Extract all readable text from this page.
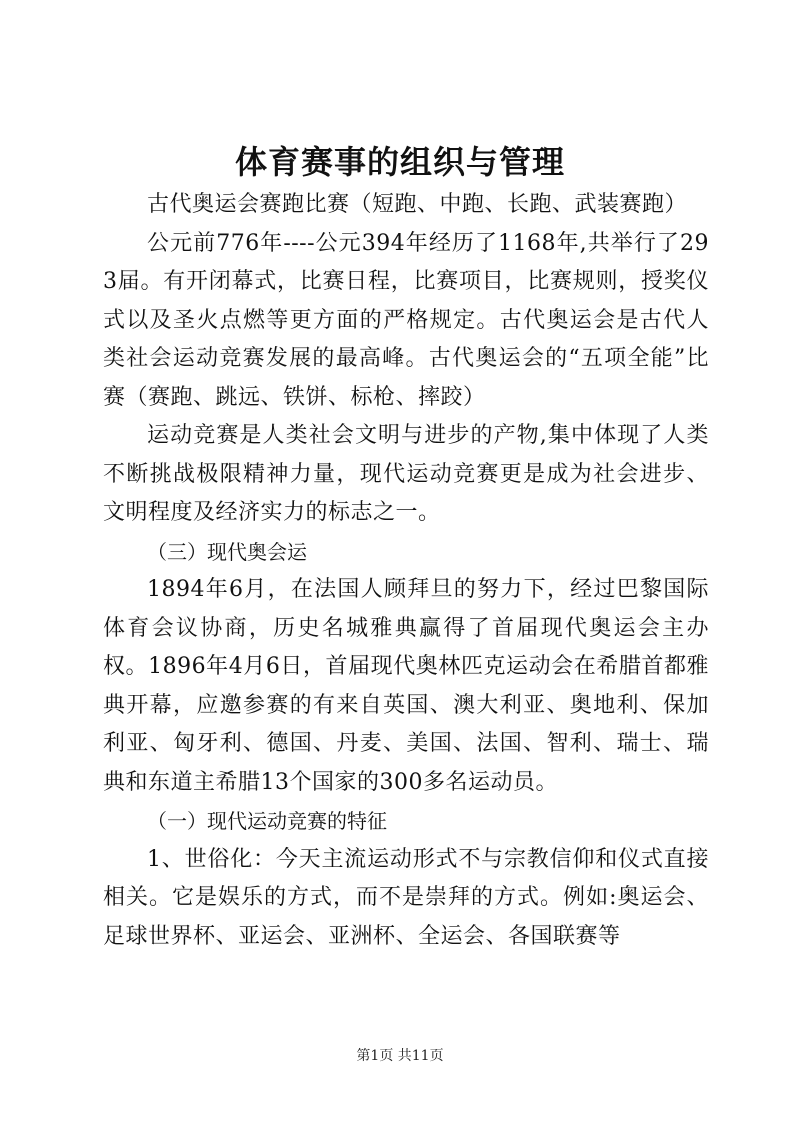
体育赛事的组织与管理

古代奥运会赛跑比赛（短跑、中跑、长跑、武装赛跑）

公元前776年----公元394年经历了1168年,共举行了293届。有开闭幕式，比赛日程，比赛项目，比赛规则，授奖仪式以及圣火点燃等更方面的严格规定。古代奥运会是古代人类社会运动竞赛发展的最高峰。古代奥运会的“五项全能”比赛（赛跑、跳远、铁饼、标枪、摔跤）

运动竞赛是人类社会文明与进步的产物,集中体现了人类不断挑战极限精神力量，现代运动竞赛更是成为社会进步、文明程度及经济实力的标志之一。

（三）现代奥会运

1894年6月，在法国人顾拜旦的努力下，经过巴黎国际体育会议协商，历史名城雅典赢得了首届现代奥运会主办权。1896年4月6日，首届现代奥林匹克运动会在希腊首都雅典开幕，应邀参赛的有来自英国、澳大利亚、奥地利、保加利亚、匈牙利、德国、丹麦、美国、法国、智利、瑞士、瑞典和东道主希腊13个国家的300多名运动员。

（一）现代运动竞赛的特征

1、世俗化：今天主流运动形式不与宗教信仰和仪式直接相关。它是娱乐的方式，而不是崇拜的方式。例如:奥运会、足球世界杯、亚运会、亚洲杯、全运会、各国联赛等

第1页 共11页
